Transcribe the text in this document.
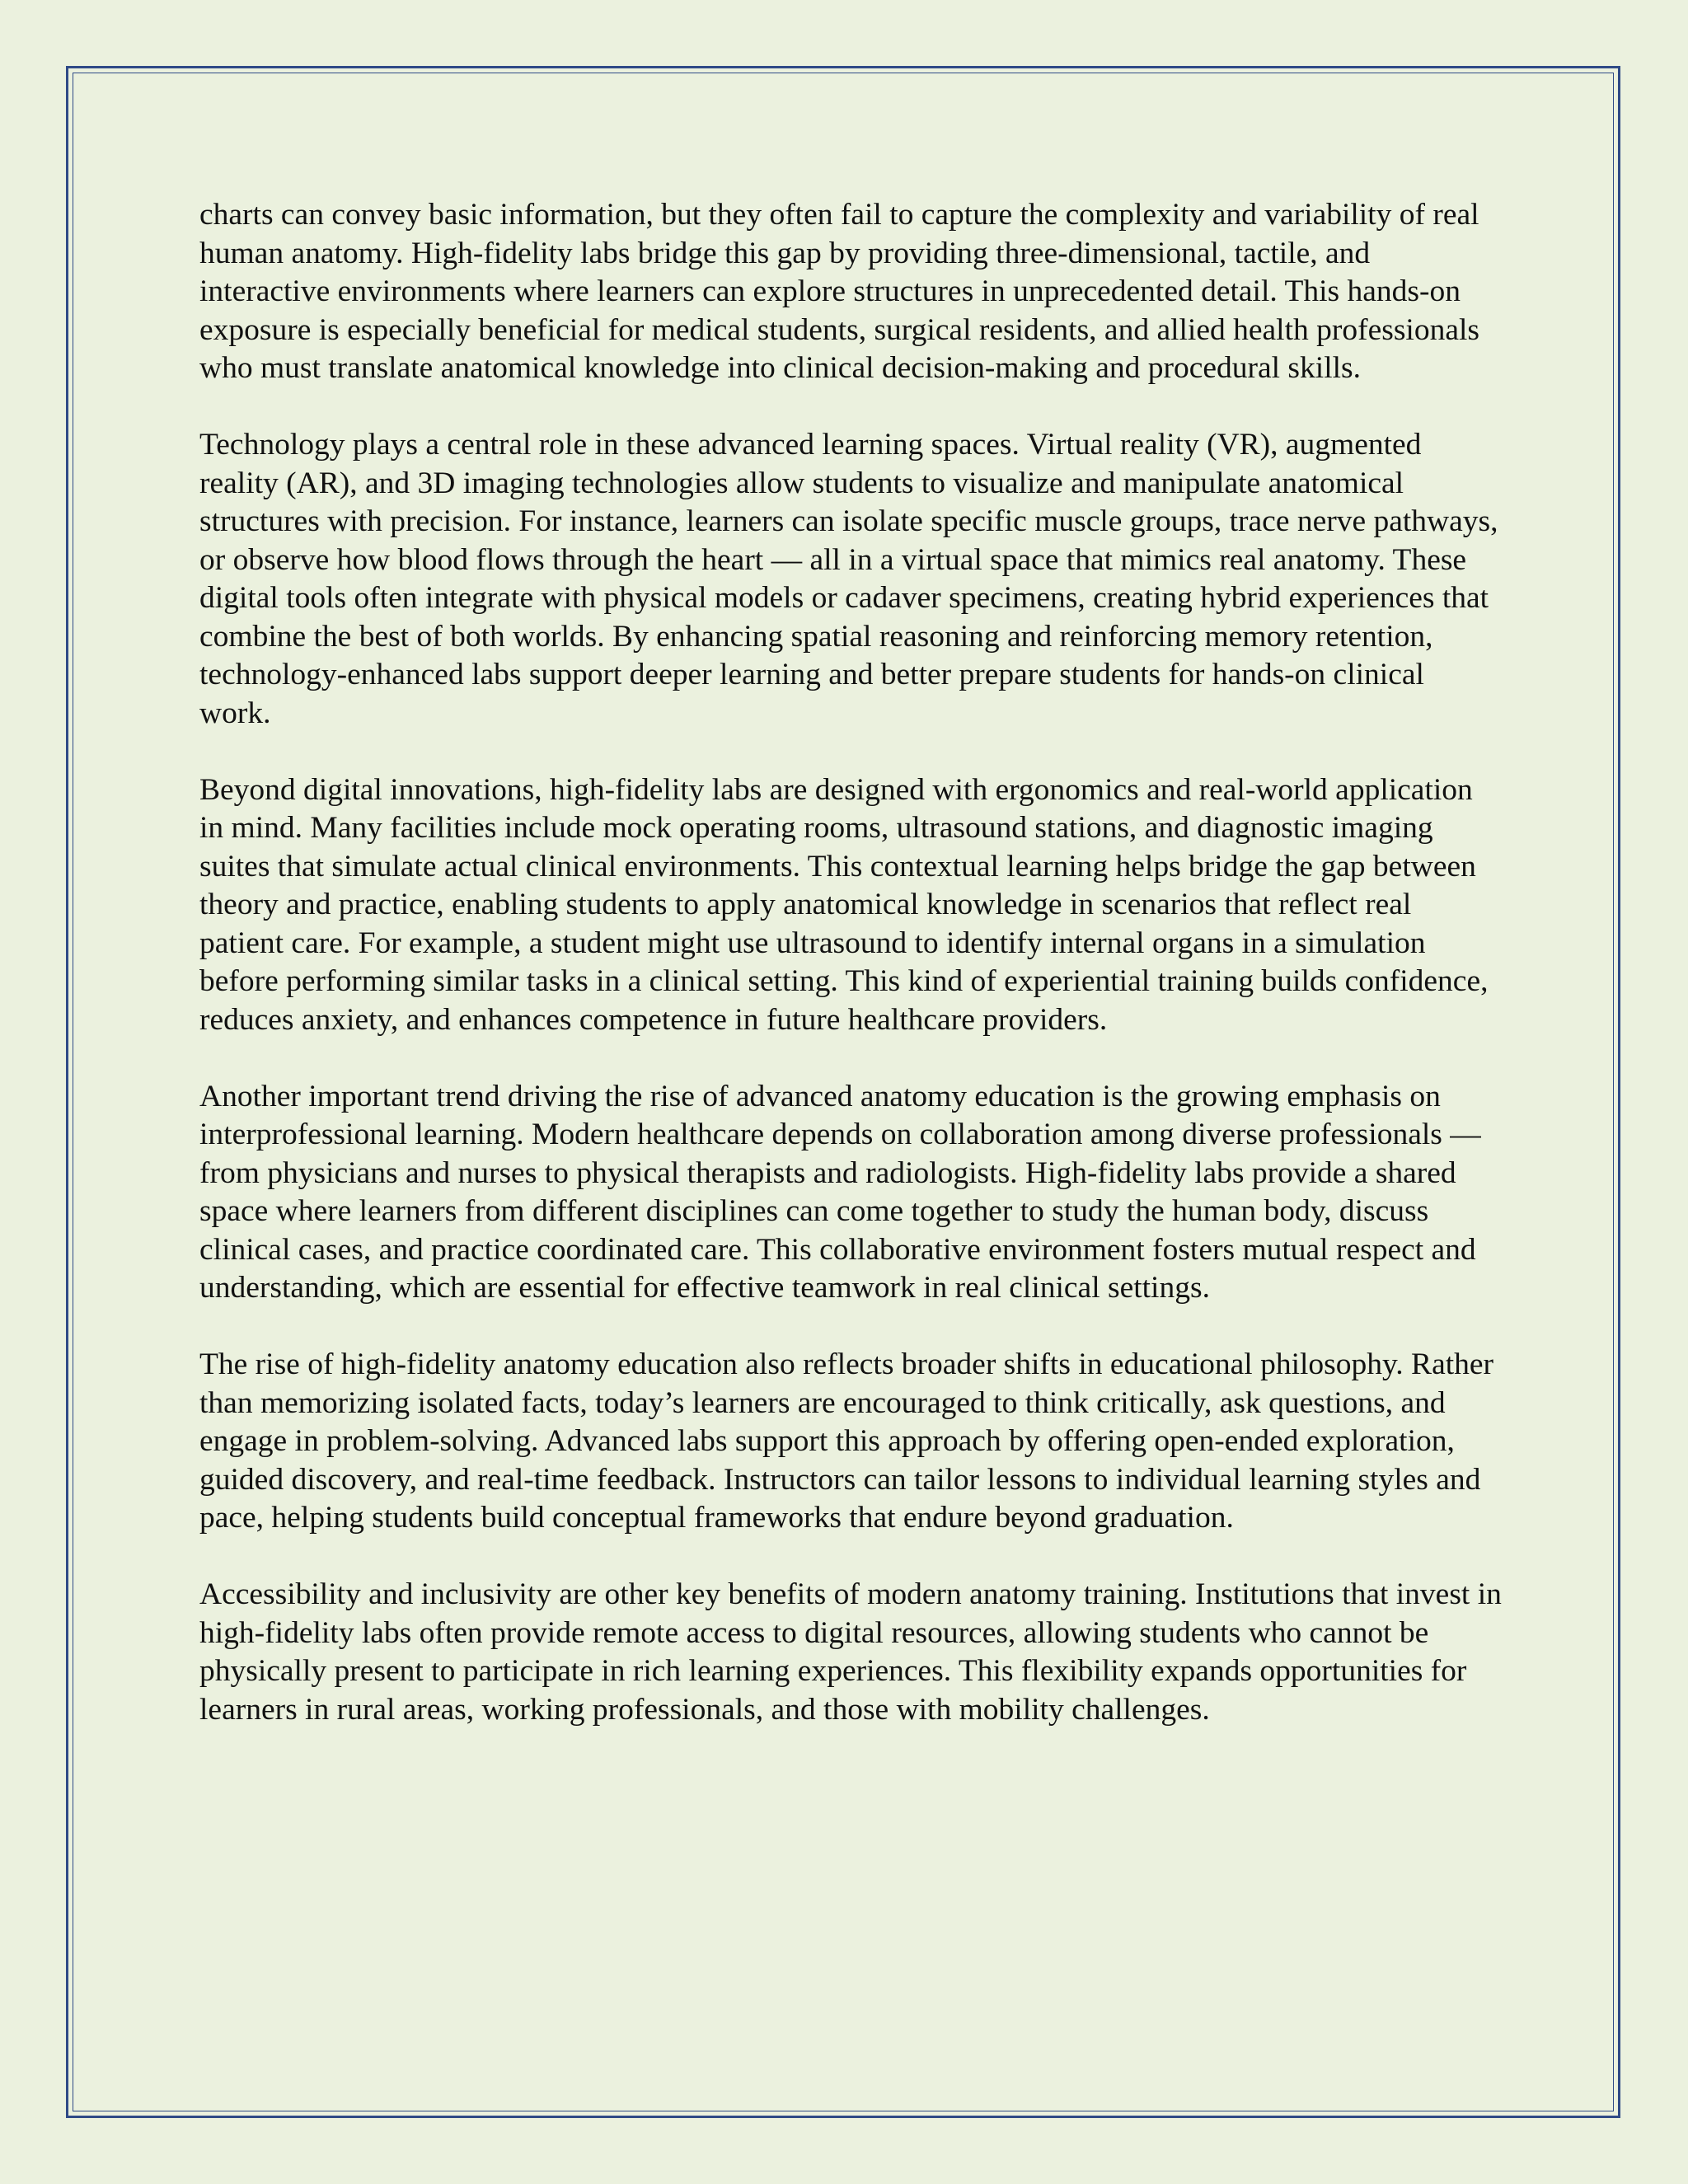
charts can convey basic information, but they often fail to capture the complexity and variability of real human anatomy. High-fidelity labs bridge this gap by providing three-dimensional, tactile, and interactive environments where learners can explore structures in unprecedented detail. This hands-on exposure is especially beneficial for medical students, surgical residents, and allied health professionals who must translate anatomical knowledge into clinical decision-making and procedural skills.

Technology plays a central role in these advanced learning spaces. Virtual reality (VR), augmented reality (AR), and 3D imaging technologies allow students to visualize and manipulate anatomical structures with precision. For instance, learners can isolate specific muscle groups, trace nerve pathways, or observe how blood flows through the heart — all in a virtual space that mimics real anatomy. These digital tools often integrate with physical models or cadaver specimens, creating hybrid experiences that combine the best of both worlds. By enhancing spatial reasoning and reinforcing memory retention, technology-enhanced labs support deeper learning and better prepare students for hands-on clinical work.

Beyond digital innovations, high-fidelity labs are designed with ergonomics and real-world application in mind. Many facilities include mock operating rooms, ultrasound stations, and diagnostic imaging suites that simulate actual clinical environments. This contextual learning helps bridge the gap between theory and practice, enabling students to apply anatomical knowledge in scenarios that reflect real patient care. For example, a student might use ultrasound to identify internal organs in a simulation before performing similar tasks in a clinical setting. This kind of experiential training builds confidence, reduces anxiety, and enhances competence in future healthcare providers.

Another important trend driving the rise of advanced anatomy education is the growing emphasis on interprofessional learning. Modern healthcare depends on collaboration among diverse professionals — from physicians and nurses to physical therapists and radiologists. High-fidelity labs provide a shared space where learners from different disciplines can come together to study the human body, discuss clinical cases, and practice coordinated care. This collaborative environment fosters mutual respect and understanding, which are essential for effective teamwork in real clinical settings.

The rise of high-fidelity anatomy education also reflects broader shifts in educational philosophy. Rather than memorizing isolated facts, today’s learners are encouraged to think critically, ask questions, and engage in problem-solving. Advanced labs support this approach by offering open-ended exploration, guided discovery, and real-time feedback. Instructors can tailor lessons to individual learning styles and pace, helping students build conceptual frameworks that endure beyond graduation.

Accessibility and inclusivity are other key benefits of modern anatomy training. Institutions that invest in high-fidelity labs often provide remote access to digital resources, allowing students who cannot be physically present to participate in rich learning experiences. This flexibility expands opportunities for learners in rural areas, working professionals, and those with mobility challenges.
